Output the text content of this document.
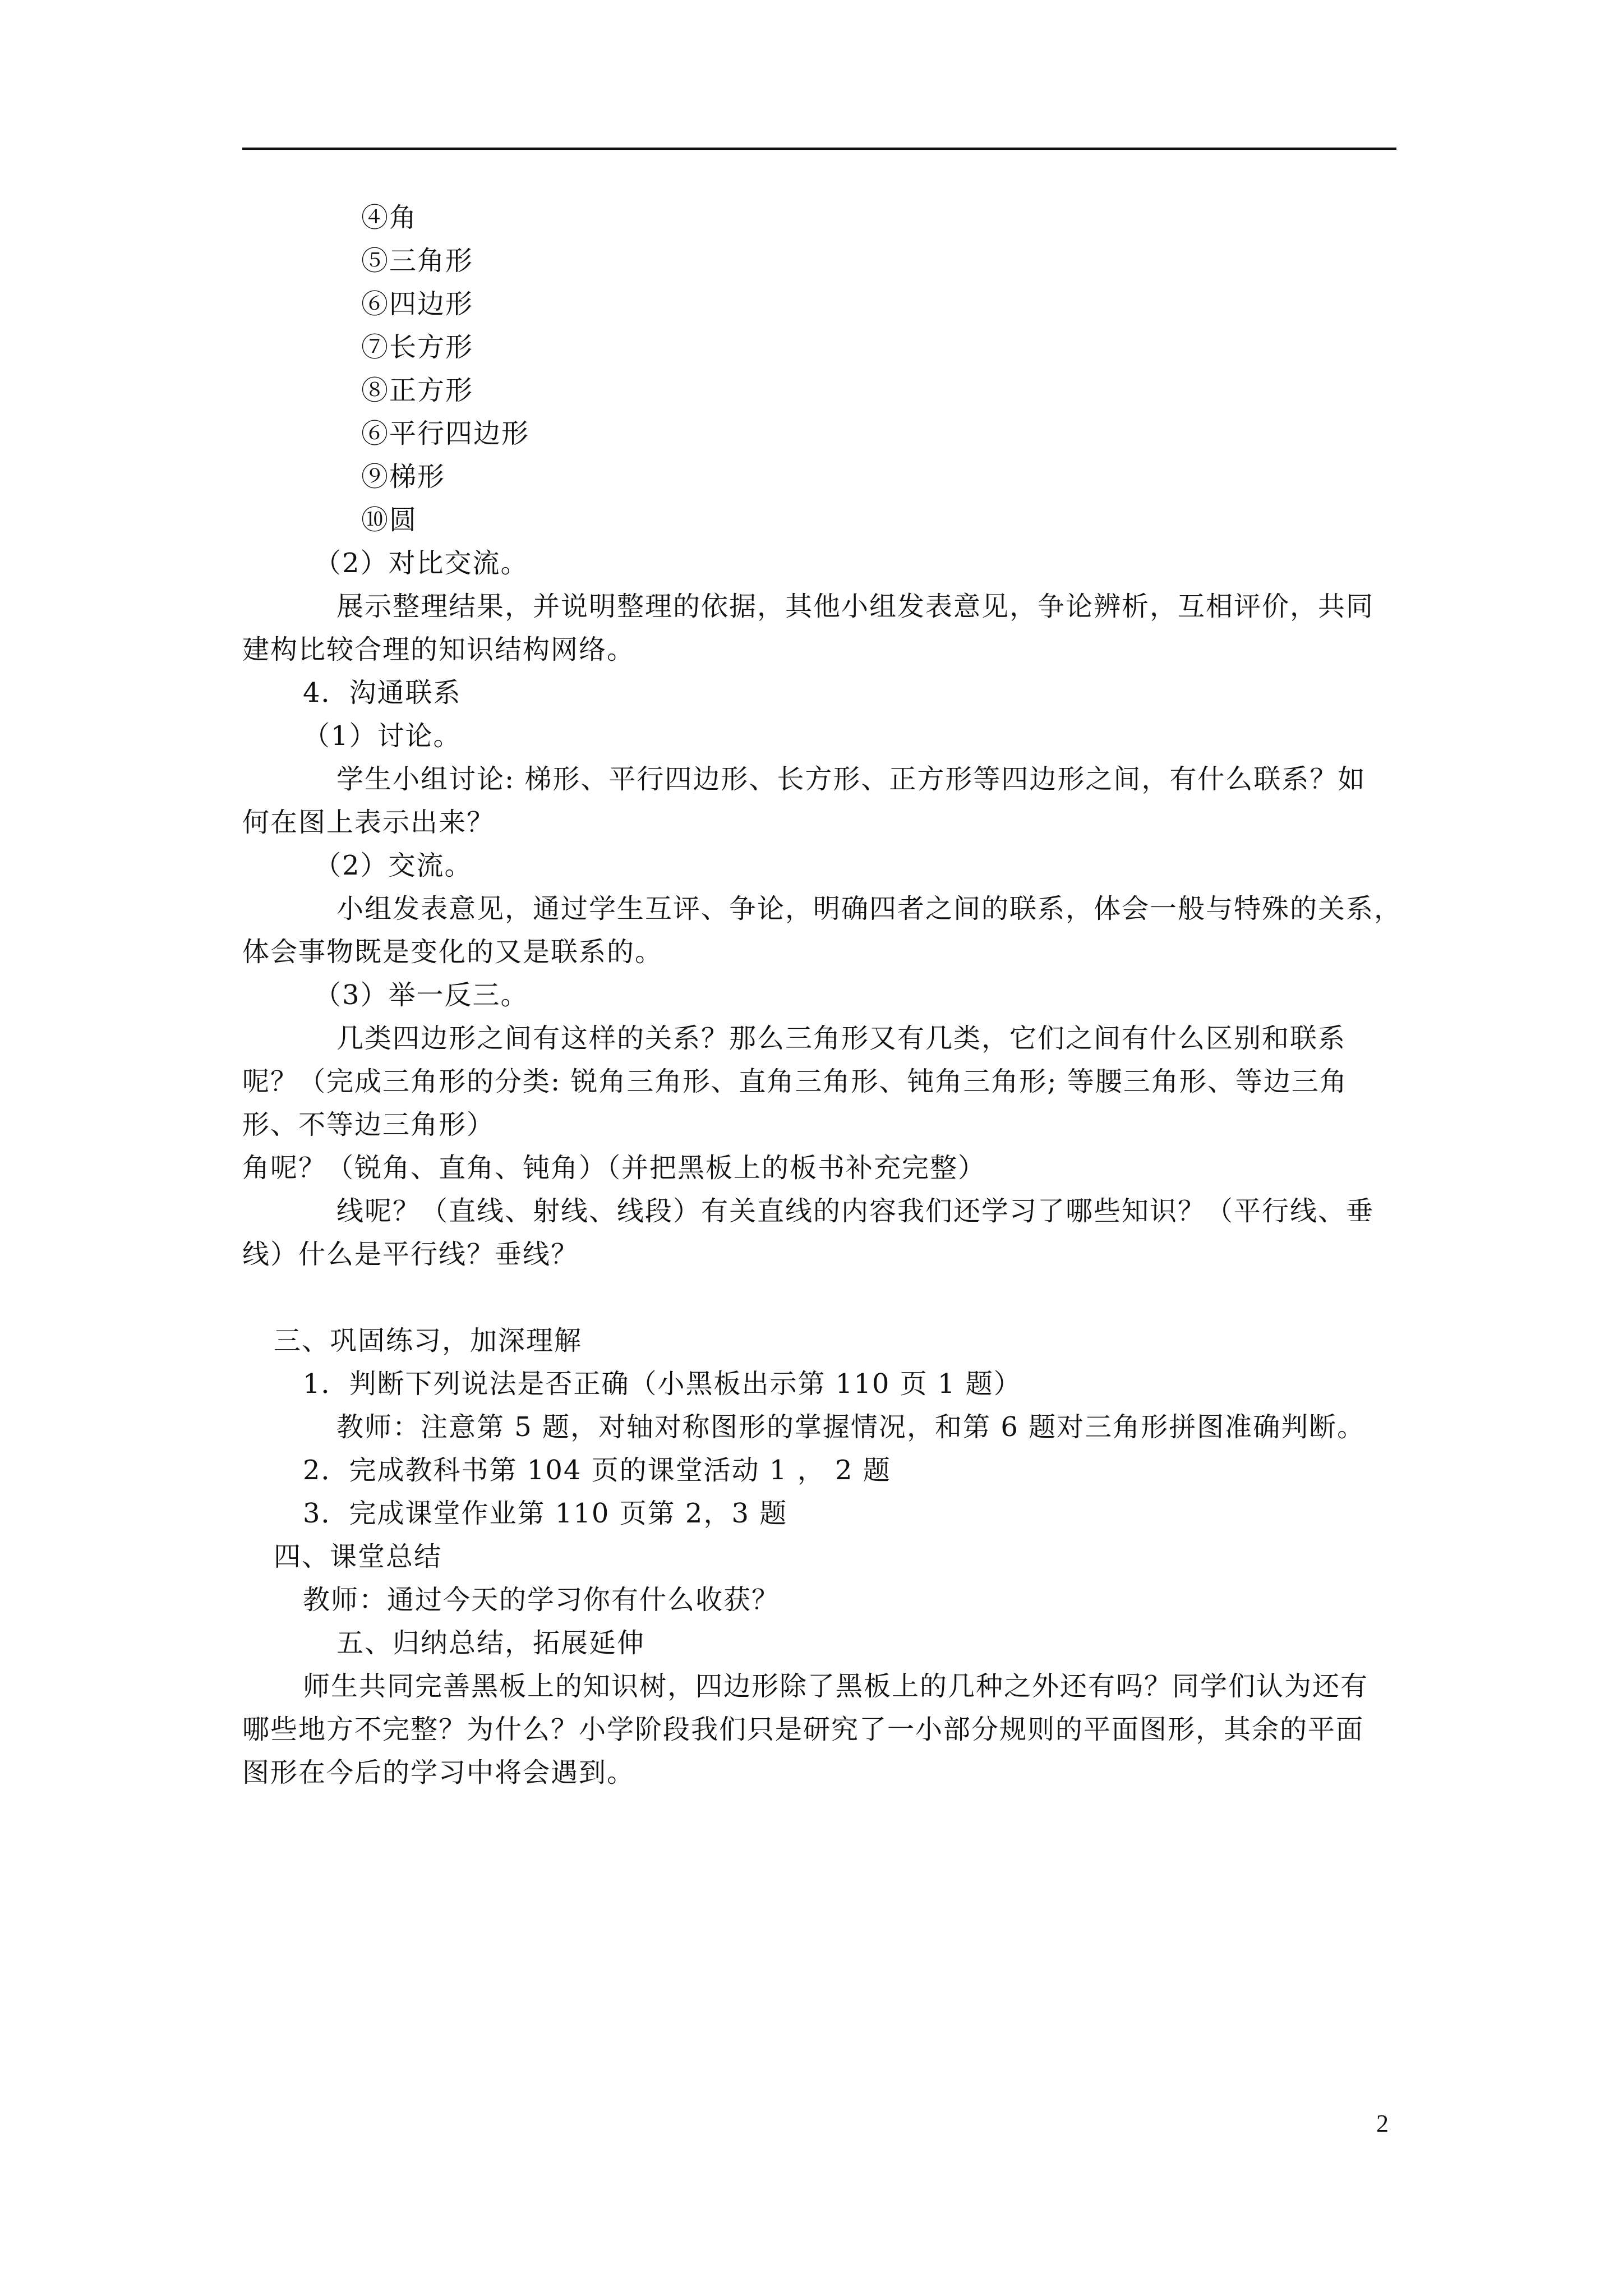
④角
⑤三角形
⑥四边形
⑦长方形
⑧正方形
⑥平行四边形
⑨梯形
⑩圆
（2）对比交流。
展示整理结果，并说明整理的依据，其他小组发表意见，争论辨析，互相评价，共同
建构比较合理的知识结构网络。
4．沟通联系
（1）讨论。
学生小组讨论: 梯形、平行四边形、长方形、正方形等四边形之间，有什么联系？如
何在图上表示出来？
（2）交流。
小组发表意见，通过学生互评、争论，明确四者之间的联系，体会一般与特殊的关系，
体会事物既是变化的又是联系的。
（3）举一反三。
几类四边形之间有这样的关系？那么三角形又有几类，它们之间有什么区别和联系
呢？（完成三角形的分类: 锐角三角形、直角三角形、钝角三角形; 等腰三角形、等边三角
形、不等边三角形）
角呢？（锐角、直角、钝角）（并把黑板上的板书补充完整）
线呢？（直线、射线、线段）有关直线的内容我们还学习了哪些知识？（平行线、垂
线）什么是平行线？垂线？
三、巩固练习，加深理解
1．判断下列说法是否正确（小黑板出示第 110 页 1 题）
教师：注意第 5 题，对轴对称图形的掌握情况，和第 6 题对三角形拼图准确判断。
2．完成教科书第 104 页的课堂活动 1 ， 2 题
3．完成课堂作业第 110 页第 2，3 题
四、课堂总结
教师：通过今天的学习你有什么收获？
五、归纳总结，拓展延伸
师生共同完善黑板上的知识树，四边形除了黑板上的几种之外还有吗？同学们认为还有
哪些地方不完整？为什么？小学阶段我们只是研究了一小部分规则的平面图形，其余的平面
图形在今后的学习中将会遇到。
2
